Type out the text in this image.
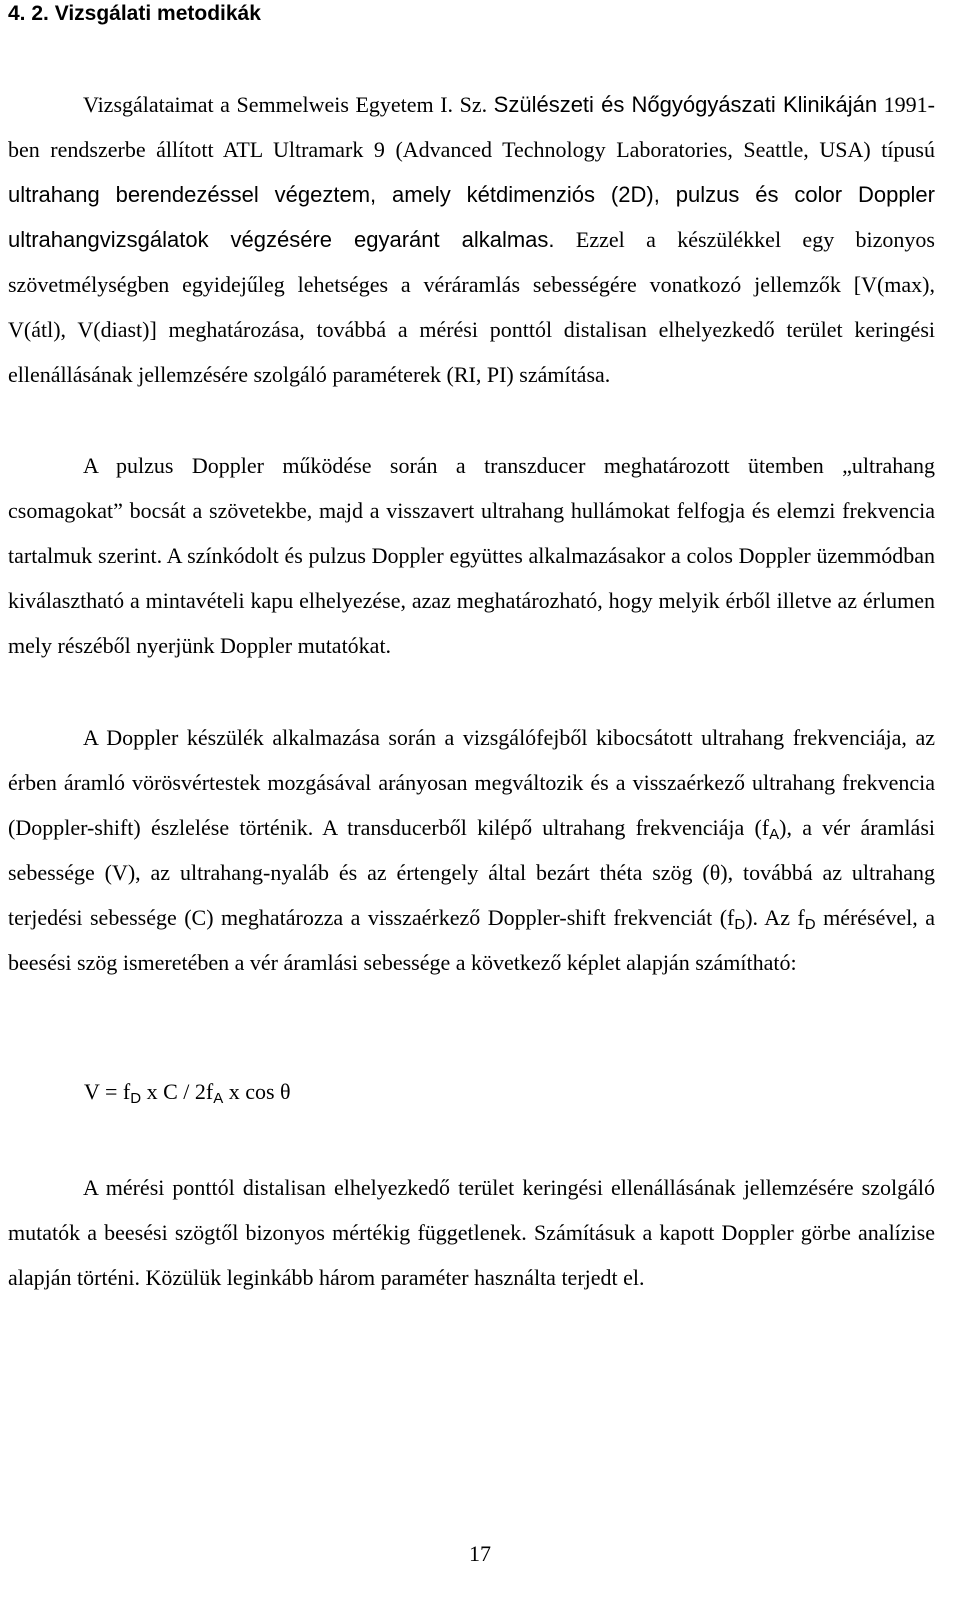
4. 2. Vizsgálati metodikák

Vizsgálataimat a Semmelweis Egyetem I. Sz. Szülészeti és Nőgyógyászati Klinikáján 1991-ben rendszerbe állított ATL Ultramark 9 (Advanced Technology Laboratories, Seattle, USA) típusú ultrahang berendezéssel végeztem, amely kétdimenziós (2D), pulzus és color Doppler ultrahangvizsgálatok végzésére egyaránt alkalmas. Ezzel a készülékkel egy bizonyos szövetmélységben egyidejűleg lehetséges a véráramlás sebességére vonatkozó jellemzők [V(max), V(átl), V(diast)] meghatározása, továbbá a mérési ponttól distalisan elhelyezkedő terület keringési ellenállásának jellemzésére szolgáló paraméterek (RI, PI) számítása.

A pulzus Doppler működése során a transzducer meghatározott ütemben „ultrahang csomagokat” bocsát a szövetekbe, majd a visszavert ultrahang hullámokat felfogja és elemzi frekvencia tartalmuk szerint. A színkódolt és pulzus Doppler együttes alkalmazásakor a colos Doppler üzemmódban kiválasztható a mintavételi kapu elhelyezése, azaz meghatározható, hogy melyik érből illetve az érlumen mely részéből nyerjünk Doppler mutatókat.

A Doppler készülék alkalmazása során a vizsgálófejből kibocsátott ultrahang frekvenciája, az érben áramló vörösvértestek mozgásával arányosan megváltozik és a visszaérkező ultrahang frekvencia (Doppler-shift) észlelése történik. A transducerből kilépő ultrahang frekvenciája $(f_A)$, a vér áramlási sebessége (V), az ultrahang-nyaláb és az értengely által bezárt théta szög (θ), továbbá az ultrahang terjedési sebessége (C) meghatározza a visszaérkező Doppler-shift frekvenciát $(f_D)$. Az $f_D$ mérésével, a beesési szög ismeretében a vér áramlási sebessége a következő képlet alapján számítható:

$V = f_D$ x C / $2f_A$ x cos θ

A mérési ponttól distalisan elhelyezkedő terület keringési ellenállásának jellemzésére szolgáló mutatók a beesési szögtől bizonyos mértékig függetlenek. Számításuk a kapott Doppler görbe analízise alapján történi. Közülük leginkább három paraméter használta terjedt el.

17
